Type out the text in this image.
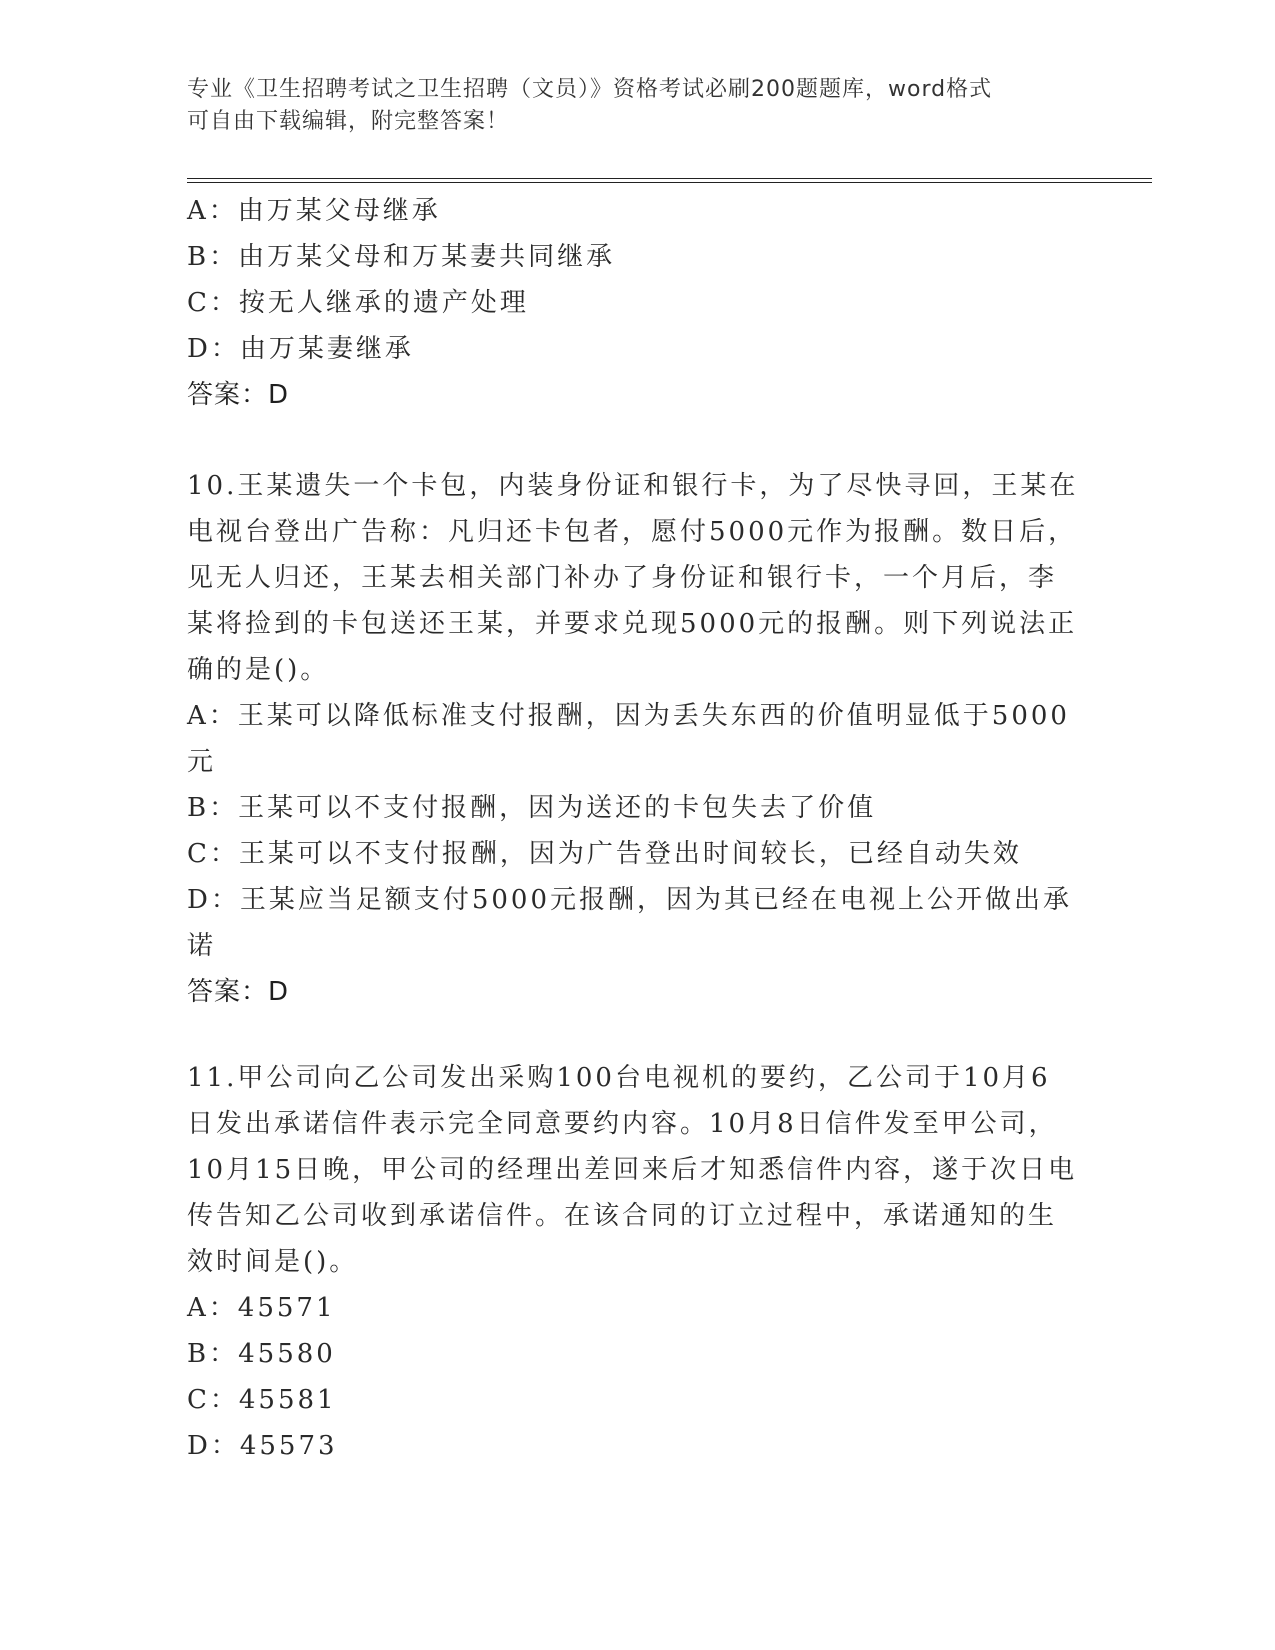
专业《卫生招聘考试之卫生招聘（文员）》资格考试必刷200题题库，word格式
可自由下载编辑，附完整答案！
A：由万某父母继承
B：由万某父母和万某妻共同继承
C：按无人继承的遗产处理
D：由万某妻继承
答案：D
10.王某遗失一个卡包，内装身份证和银行卡，为了尽快寻回，王某在
电视台登出广告称：凡归还卡包者，愿付5000元作为报酬。数日后，
见无人归还，王某去相关部门补办了身份证和银行卡，一个月后，李
某将捡到的卡包送还王某，并要求兑现5000元的报酬。则下列说法正
确的是()。
A：王某可以降低标准支付报酬，因为丢失东西的价值明显低于5000
元
B：王某可以不支付报酬，因为送还的卡包失去了价值
C：王某可以不支付报酬，因为广告登出时间较长，已经自动失效
D：王某应当足额支付5000元报酬，因为其已经在电视上公开做出承
诺
答案：D
11.甲公司向乙公司发出采购100台电视机的要约，乙公司于10月6
日发出承诺信件表示完全同意要约内容。10月8日信件发至甲公司，
10月15日晚，甲公司的经理出差回来后才知悉信件内容，遂于次日电
传告知乙公司收到承诺信件。在该合同的订立过程中，承诺通知的生
效时间是()。
A：45571
B：45580
C：45581
D：45573
